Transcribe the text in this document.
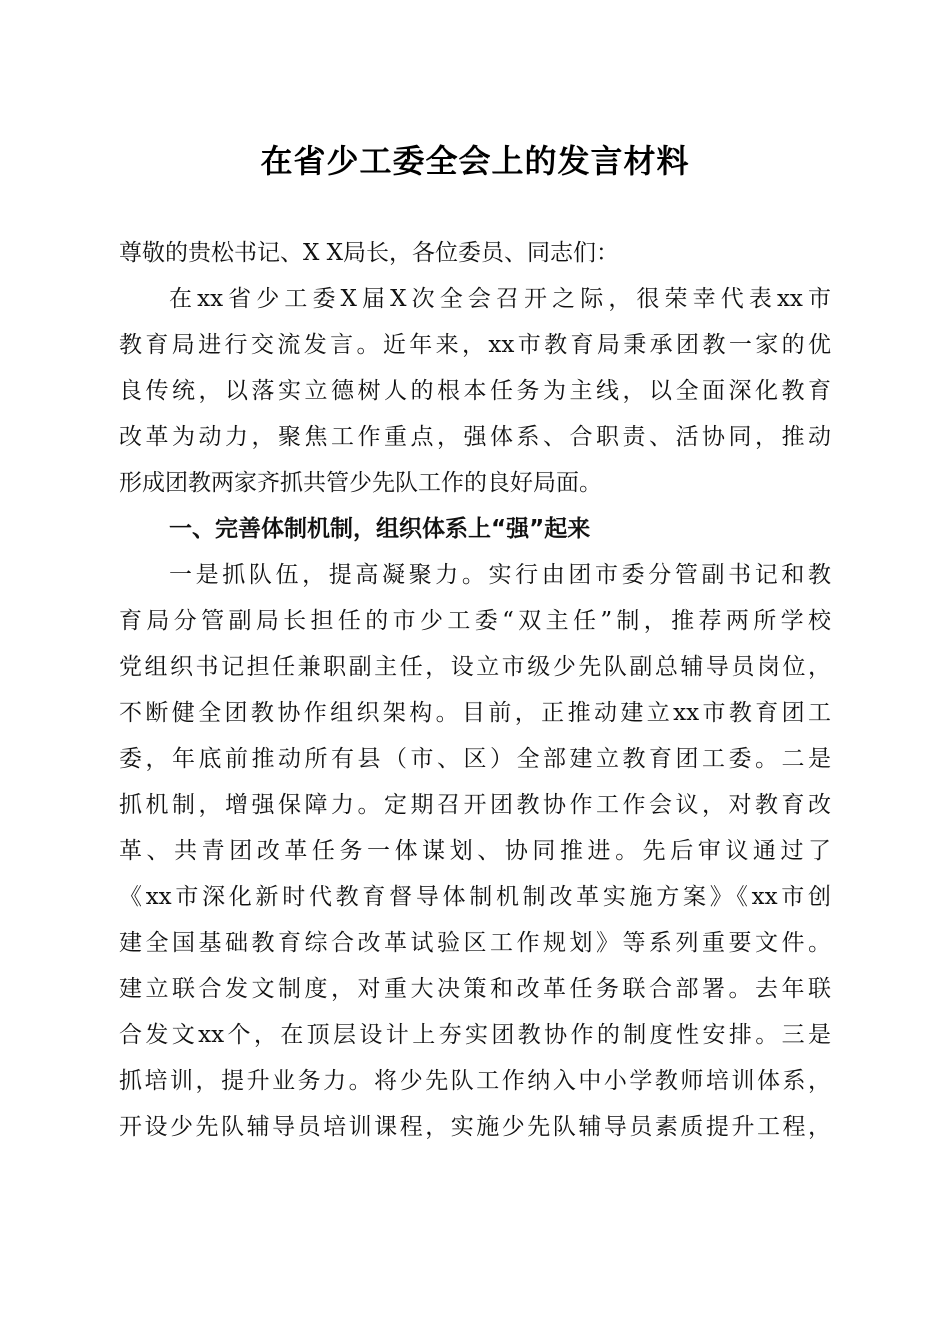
在省少工委全会上的发言材料
尊敬的贵松书记、X X局长，各位委员、同志们：
在xx省少工委X届X次全会召开之际，很荣幸代表xx市
教育局进行交流发言。近年来，xx市教育局秉承团教一家的优
良传统，以落实立德树人的根本任务为主线，以全面深化教育
改革为动力，聚焦工作重点，强体系、合职责、活协同，推动
形成团教两家齐抓共管少先队工作的良好局面。
一、完善体制机制，组织体系上“强”起来
一是抓队伍，提高凝聚力。实行由团市委分管副书记和教
育局分管副局长担任的市少工委“双主任”制，推荐两所学校
党组织书记担任兼职副主任，设立市级少先队副总辅导员岗位，
不断健全团教协作组织架构。目前，正推动建立xx市教育团工
委，年底前推动所有县（市、区）全部建立教育团工委。二是
抓机制，增强保障力。定期召开团教协作工作会议，对教育改
革、共青团改革任务一体谋划、协同推进。先后审议通过了
《xx市深化新时代教育督导体制机制改革实施方案》《xx市创
建全国基础教育综合改革试验区工作规划》等系列重要文件。
建立联合发文制度，对重大决策和改革任务联合部署。去年联
合发文xx个，在顶层设计上夯实团教协作的制度性安排。三是
抓培训，提升业务力。将少先队工作纳入中小学教师培训体系，
开设少先队辅导员培训课程，实施少先队辅导员素质提升工程，
